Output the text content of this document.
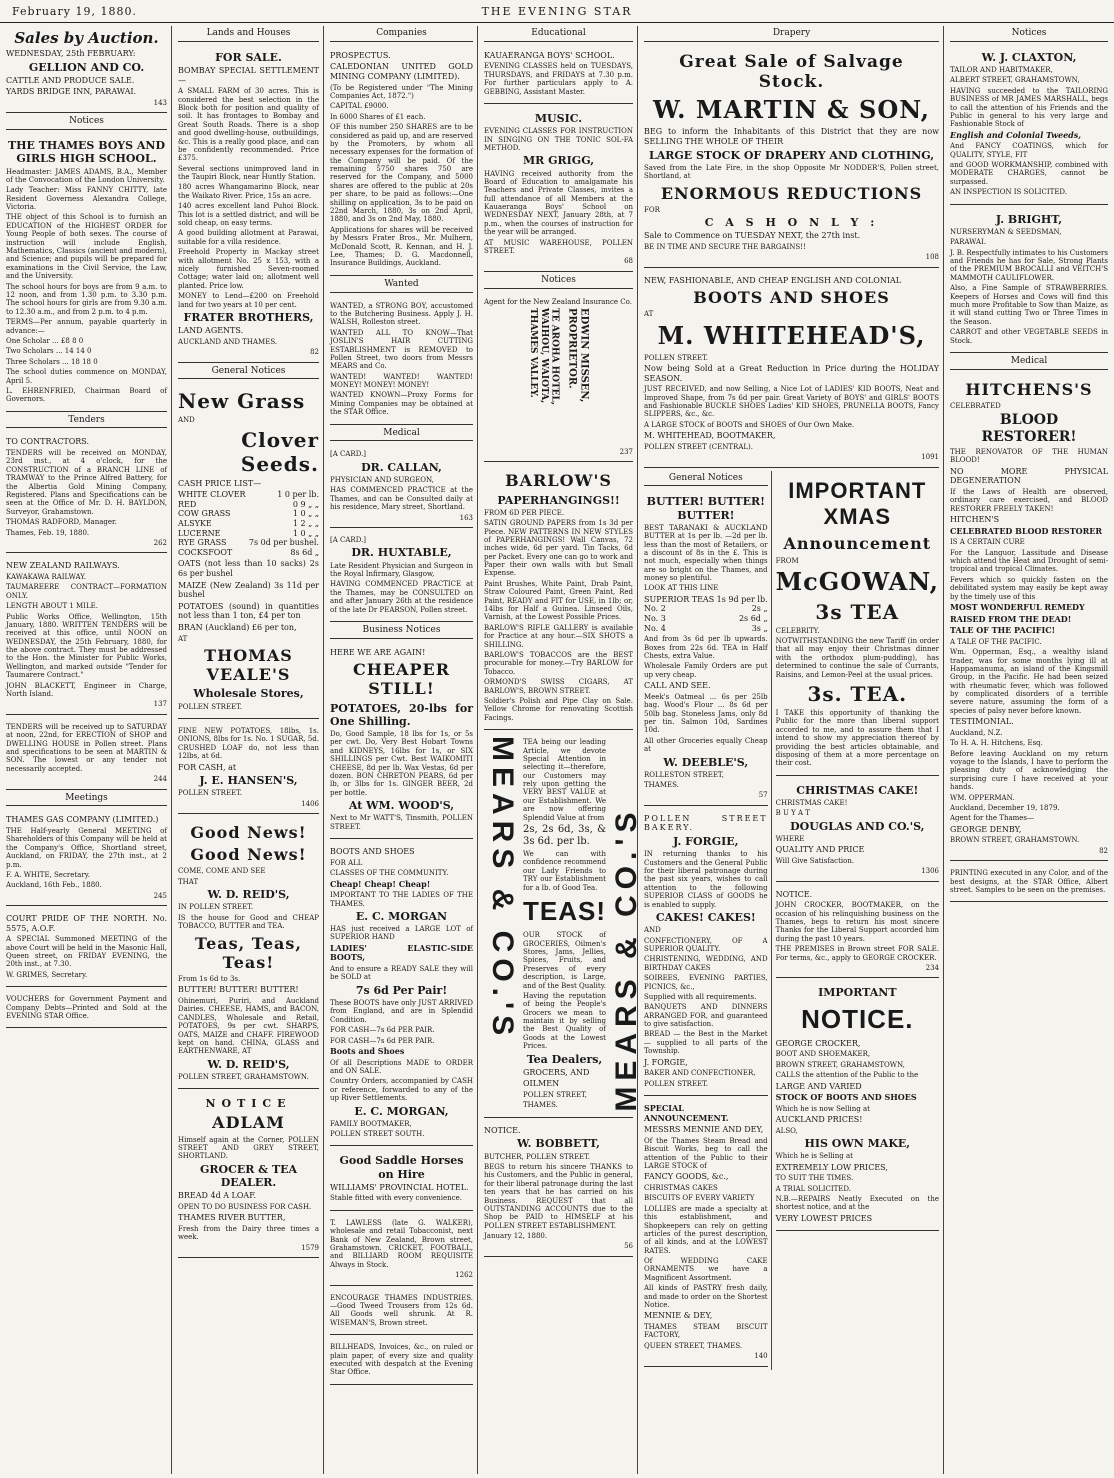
February 19, 1880.	THE EVENING STAR
Sales by Auction.

WEDNESDAY, 25th FEBRUARY:

GELLION AND CO.

CATTLE AND PRODUCE SALE.

YARDS BRIDGE INN, PARAWAI.

143
Notices
THE THAMES BOYS AND GIRLS HIGH SCHOOL.

Headmaster: JAMES ADAMS, B.A., Member of the Convocation of the London University.

Lady Teacher: Miss FANNY CHITTY, late Resident Governess Alexandra College, Victoria.

THE object of this School is to furnish an EDUCATION of the HIGHEST ORDER for Young People of both sexes. The course of instruction will include English, Mathematics, Classics (ancient and modern), and Science; and pupils will be prepared for examinations in the Civil Service, the Law, and the University.

The school hours for boys are from 9 a.m. to 12 noon, and from 1.30 p.m. to 3.30 p.m. The school hours for girls are from 9.30 a.m. to 12.30 a.m., and from 2 p.m. to 4 p.m.

TERMS—Per annum, payable quarterly in advance:—

One Scholar ... £8 8 0

Two Scholars ... 14 14 0

Three Scholars ... 18 18 0

The school duties commence on MONDAY, April 5.

L. EHRENFRIED, Chairman Board of Governors.

Tenders

TO CONTRACTORS.

TENDERS will be received on MONDAY, 23rd inst., at 4 o'clock, for the CONSTRUCTION of a BRANCH LINE of TRAMWAY to the Prince Alfred Battery, for the Albertia Gold Mining Company, Registered. Plans and Specifications can be seen at the Office of Mr. D. H. BAYLDON, Surveyor, Grahamstown.

THOMAS RADFORD, Manager.

Thames, Feb. 19, 1880.

262

NEW ZEALAND RAILWAYS.

KAWAKAWA RAILWAY.

TAUMAREERE CONTRACT—FORMATION ONLY.

LENGTH ABOUT 1 MILE.

Public Works Office, Wellington, 15th January, 1880. WRITTEN TENDERS will be received at this office, until NOON on WEDNESDAY, the 25th February, 1880, for the above contract. They must be addressed to the Hon. the Minister for Public Works, Wellington, and marked outside "Tender for Taumarere Contract."

JOHN BLACKETT, Engineer in Charge, North Island.

137

TENDERS will be received up to SATURDAY at noon, 22nd, for ERECTION of SHOP and DWELLING HOUSE in Pollen street. Plans and specifications to be seen at MARTIN & SON. The lowest or any tender not necessarily accepted.

244
Meetings

THAMES GAS COMPANY (LIMITED.)

THE Half-yearly General MEETING of Shareholders of this Company will be held at the Company's Office, Shortland street, Auckland, on FRIDAY, the 27th inst., at 2 p.m.

F. A. WHITE, Secretary.

Auckland, 16th Feb., 1880.

245

COURT PRIDE OF THE NORTH. No. 5575, A.O.F.

A SPECIAL Summoned MEETING of the above Court will be held in the Masonic Hall, Queen street, on FRIDAY EVENING, the 20th inst., at 7.30.

W. GRIMES, Secretary.

VOUCHERS for Government Payment and Company Debts—Printed and Sold at the EVENING STAR Office.

Lands and Houses
FOR SALE.

BOMBAY SPECIAL SETTLEMENT—

A SMALL FARM of 30 acres. This is considered the best selection in the Block both for position and quality of soil. It has frontages to Bombay and Great South Roads. There is a shop and good dwelling-house, outbuildings, &c. This is a really good place, and can be confidently recommended. Price £375.

Several sections unimproved land in the Taupiri Block, near Huntly Station.

180 acres Whangamarino Block, near the Waikato River. Price, 15s an acre.

140 acres excellent land Puhoi Block. This lot is a settled district, and will be sold cheap, on easy terms.

A good building allotment at Parawai, suitable for a villa residence.

Freehold Property in Mackay street with allotment No. 25 x 153, with a nicely furnished Seven-roomed Cottage; water laid on; allotment well planted. Price low.

MONEY to Lend—£200 on Freehold land for two years at 10 per cent.

FRATER BROTHERS,

LAND AGENTS.

AUCKLAND AND THAMES.

82
General Notices
New Grass

AND

Clover Seeds.

CASH PRICE LIST—

WHITE CLOVER	1 0 per lb.
RED	0 9 „ „
COW GRASS	1 0 „ „
ALSYKE	1 2 „ „
LUCERNE	1 0 „ „
RYE GRASS	7s 0d per bushel.
COCKSFOOT	8s 6d „

OATS (not less than 10 sacks) 2s 6s per bushel

MAIZE (New Zealand) 3s 11d per bushel

POTATOES (sound) in quantities not less than 1 ton, £4 per ton

BRAN (Auckland) £6 per ton,

AT

THOMAS VEALE'S
Wholesale Stores,

POLLEN STREET.

FINE NEW POTATOES, 18lbs, 1s. ONIONS, 8lbs for 1s. No. 1 SUGAR, 5d. CRUSHED LOAF do, not less than 12lbs, at 6d.

FOR CASH, at

J. E. HANSEN'S,

POLLEN STREET.

1406
Good News!
Good News!

COME, COME AND SEE

THAT

W. D. REID'S,

IN POLLEN STREET.

IS the house for Good and CHEAP TOBACCO, BUTTER and TEA.

Teas, Teas, Teas!

From 1s 6d to 3s.

BUTTER! BUTTER! BUTTER!

Ohinemuri, Puriri, and Auckland Dairies. CHEESE, HAMS, and BACON, CANDLES, Wholesale and Retail, POTATOES, 9s per cwt. SHARPS, OATS, MAIZE and CHAFF. FIREWOOD kept on hand. CHINA, GLASS and EARTHENWARE, AT

W. D. REID'S,

POLLEN STREET, GRAHAMSTOWN.

NOTICE
ADLAM

Himself again at the Corner, POLLEN STREET AND GREY STREET, SHORTLAND.

GROCER & TEA DEALER.

BREAD 4d A LOAF.

OPEN TO DO BUSINESS FOR CASH.

THAMES RIVER BUTTER,

Fresh from the Dairy three times a week.

1579
Companies

PROSPECTUS.

CALEDONIAN UNITED GOLD MINING COMPANY (LIMITED).

(To be Registered under "The Mining Companies Act, 1872.")

CAPITAL £9000.

In 6000 Shares of £1 each.

OF this number 250 SHARES are to be considered as paid up, and are reserved by the Promoters, by whom all necessary expenses for the formation of the Company will be paid. Of the remaining 5750 shares 750 are reserved for the Company, and 5000 shares are offered to the public at 20s per share, to be paid as follows:—One shilling on application, 3s to be paid on 22nd March, 1880, 3s on 2nd April, 1880, and 3s on 2nd May, 1880.

Applications for shares will be received by Messrs Frater Bros., Mr. Mulhern, McDonald Scott, R. Kennan, and H. J. Lee, Thames; D. G. Macdonnell, Insurance Buildings, Auckland.

Wanted

WANTED, a STRONG BOY, accustomed to the Butchering Business. Apply J. H. WALSH, Rolleston street.

WANTED ALL TO KNOW—That JOSLIN'S HAIR CUTTING ESTABLISHMENT is REMOVED to Pollen Street, two doors from Messrs MEARS and Co.

WANTED! WANTED! WANTED! MONEY! MONEY! MONEY!

WANTED KNOWN—Proxy Forms for Mining Companies may be obtained at the STAR Office.

Medical

[A CARD.]

DR. CALLAN,

PHYSICIAN AND SURGEON,

HAS COMMENCED PRACTICE at the Thames, and can be Consulted daily at his residence, Mary street, Shortland.

163

[A CARD.]

DR. HUXTABLE,

Late Resident Physician and Surgeon in the Royal Infirmary, Glasgow,

HAVING COMMENCED PRACTICE at the Thames, may be CONSULTED on and after January 26th at the residence of the late Dr PEARSON, Pollen street.

Business Notices

HERE WE ARE AGAIN!

CHEAPER STILL!

POTATOES, 20-lbs for One Shilling.

Do, Good Sample, 18 lbs for 1s, or 5s per cwt. Do, Very Best Hobart Towns and KIDNEYS, 16lbs for 1s, or SIX SHILLINGS per Cwt. Best WAIKOMITI CHEESE, 8d per lb. Wax Vestas, 6d per dozen. BON CHRETON PEARS, 6d per lb, or 3lbs for 1s. GINGER BEER, 2d per bottle.

At WM. WOOD'S,

Next to Mr WATT'S, Tinsmith, POLLEN STREET.

BOOTS AND SHOES

FOR ALL

CLASSES OF THE COMMUNITY.

Cheap! Cheap! Cheap!

IMPORTANT TO THE LADIES OF THE THAMES.

E. C. MORGAN

HAS just received a LARGE LOT of SUPERIOR HAND

LADIES' ELASTIC-SIDE BOOTS,

And to ensure a READY SALE they will be SOLD at

7s 6d Per Pair!

These BOOTS have only JUST ARRIVED from England, and are in Splendid Condition.

FOR CASH—7s 6d PER PAIR.

FOR CASH—7s 6d PER PAIR.

Boots and Shoes

Of all Descriptions MADE to ORDER and ON SALE.

Country Orders, accompanied by CASH or reference, forwarded to any of the up River Settlements.

E. C. MORGAN,

FAMILY BOOTMAKER,

POLLEN STREET SOUTH.

Good Saddle Horses on Hire

WILLIAMS' PROVINCIAL HOTEL.

Stable fitted with every convenience.

T. LAWLESS (late G. WALKER), wholesale and retail Tobacconist, next Bank of New Zealand, Brown street, Grahamstown. CRICKET, FOOTBALL, and BILLIARD ROOM REQUISITE Always in Stock.

1262

ENCOURAGE THAMES INDUSTRIES.—Good Tweed Trousers from 12s 6d. All Goods well shrunk. At R. WISEMAN'S, Brown street.

BILLHEADS, Invoices, &c., on ruled or plain paper, of every size and quality executed with despatch at the Evening Star Office.

Educational

KAUAERANGA BOYS' SCHOOL.

EVENING CLASSES held on TUESDAYS, THURSDAYS, and FRIDAYS at 7.30 p.m. For further particulars apply to A. GEBBING, Assistant Master.

MUSIC.

EVENING CLASSES FOR INSTRUCTION IN SINGING ON THE TONIC SOL-FA METHOD.

MR GRIGG,

HAVING received authority from the Board of Education to amalgamate his Teachers and Private Classes, invites a full attendance of all Members at the Kauaeranga Boys' School on WEDNESDAY NEXT, January 28th, at 7 p.m., when the courses of instruction for the year will be arranged.

AT MUSIC WAREHOUSE, POLLEN STREET.

68
Notices

Agent for the New Zealand Insurance Co.

TE AROHA HOTEL, WAIHOU, WAIOTA, THAMES VALLEY.	EDWIN MISSEN, PROPRIETOR.
237
BARLOW'S
PAPERHANGINGS!!

FROM 6D PER PIECE.

SATIN GROUND PAPERS from 1s 3d per Piece. NEW PATTERNS IN NEW STYLES of PAPERHANGINGS! Wall Canvas, 72 inches wide, 6d per yard. Tin Tacks, 6d per Packet. Every one can go to work and Paper their own walls with but Small Expense.

Paint Brushes, White Paint, Drab Paint, Straw Coloured Paint, Green Paint, Red Paint, READY and FIT for USE, in 1lb; or, 14lbs for Half a Guinea. Linseed Oils, Varnish, at the Lowest Possible Prices.

BARLOW'S RIFLE GALLERY is available for Practice at any hour.—SIX SHOTS a SHILLING.

BARLOW'S TOBACCOS are the BEST procurable for money.—Try BARLOW for Tobacco.

ORMOND'S SWISS CIGARS, AT BARLOW'S, BROWN STREET.

Soldier's Polish and Pipe Clay on Sale. Yellow Chrome for renovating Scottish Facings.

MEARS & CO.'S TEA being our leading Article, we devote Special Attention in selecting it—therefore, our Customers may rely upon getting the VERY BEST VALUE at our Establishment. We are now offering Splendid Value at from

2s, 2s 6d, 3s, & 3s 6d. per lb.

We can with confidence recommend our Lady Friends to TRY our Establishment for a lb. of Good Tea.

TEAS!

OUR STOCK of GROCERIES, Oilmen's Stores, Jams, Jellies, Spices, Fruits, and Preserves of every description, is Large, and of the Best Quality.

Having the reputation of being the People's Grocers we mean to maintain it by selling the Best Quality of Goods at the Lowest Prices.

Tea Dealers,

GROCERS, AND

OILMEN

POLLEN STREET,

THAMES.	MEARS & CO.'S

NOTICE.

W. BOBBETT,

BUTCHER, POLLEN STREET.

BEGS to return his sincere THANKS to his Customers, and the Public in general, for their liberal patronage during the last ten years that he has carried on his Business. REQUEST that all OUTSTANDING ACCOUNTS due to the Shop be PAID to HIMSELF at his POLLEN STREET ESTABLISHMENT.

January 12, 1880.

56
Drapery
Great Sale of Salvage Stock.
W. MARTIN & SON,

BEG to inform the Inhabitants of this District that they are now SELLING THE WHOLE OF THEIR

LARGE STOCK OF DRAPERY AND CLOTHING,

Saved from the Late Fire, in the shop Opposite Mr NODDER'S, Pollen street, Shortland, at

ENORMOUS REDUCTIONS

FOR

C A S H O N L Y :

Sale to Commence on TUESDAY NEXT, the 27th inst.

BE IN TIME AND SECURE THE BARGAINS!!

108

NEW, FASHIONABLE, AND CHEAP ENGLISH AND COLONIAL

BOOTS AND SHOES

AT

M. WHITEHEAD'S,

POLLEN STREET.

Now being Sold at a Great Reduction in Price during the HOLIDAY SEASON.

JUST RECEIVED, and now Selling, a Nice Lot of LADIES' KID BOOTS, Neat and Improved Shape, from 7s 6d per pair. Great Variety of BOYS' and GIRLS' BOOTS and Fashionable BUCKLE SHOES Ladies' KID SHOES, PRUNELLA BOOTS, Fancy SLIPPERS, &c., &c.

A LARGE STOCK of BOOTS and SHOES of Our Own Make.

M. WHITEHEAD, BOOTMAKER,

POLLEN STREET (CENTRAL).

1091
General Notices
BUTTER! BUTTER! BUTTER!

BEST TARANAKI & AUCKLAND BUTTER at 1s per lb. —2d per lb. less than the most of Retailers, or a discount of 8s in the £. This is not much, especially when things are so bright on the Thames, and money so plentiful.

LOOK AT THIS LINE

SUPERIOR TEAS 1s 9d per lb.
No. 2	2s „
No. 3	2s 6d „
No. 4	3s „

And from 3s 6d per lb upwards. Boxes from 22s 6d. TEA in Half Chests, extra Value.

Wholesale Family Orders are put up very cheap.

CALL AND SEE.

Meek's Oatmeal ... 6s per 25lb bag. Wood's Flour ... 8s 6d per 50lb bag. Stoneless Jams, only 8d per tin. Salmon 10d, Sardines 10d.

All other Groceries equally Cheap at

W. DEEBLE'S,

ROLLESTON STREET,

THAMES.

57

POLLEN STREET BAKERY.

J. FORGIE,

IN returning thanks to his Customers and the General Public for their liberal patronage during the past six years, wishes to call attention to the following SUPERIOR CLASS of GOODS he is enabled to supply.

CAKES! CAKES!

AND

CONFECTIONERY, OF A SUPERIOR QUALITY.

CHRISTENING, WEDDING, AND BIRTHDAY CAKES

SOIREES, EVENING PARTIES, PICNICS, &c.,

Supplied with all requirements.

BANQUETS AND DINNERS ARRANGED FOR, and guaranteed to give satisfaction.

BREAD — the Best in the Market — supplied to all parts of the Township.

J. FORGIE,

BAKER AND CONFECTIONER,

POLLEN STREET.

SPECIAL ANNOUNCEMENT.

MESSRS MENNIE AND DEY,

Of the Thames Steam Bread and Biscuit Works, beg to call the attention of the Public to their LARGE STOCK of

FANCY GOODS, &c.,

CHRISTMAS CAKES

BISCUITS OF EVERY VARIETY

LOLLIES are made a specialty at this establishment, and Shopkeepers can rely on getting articles of the purest description, of all kinds, and at the LOWEST RATES.

Of WEDDING CAKE ORNAMENTS we have a Magnificent Assortment.

All kinds of PASTRY fresh daily, and made to order on the Shortest Notice.

MENNIE & DEY,

THAMES STEAM BISCUIT FACTORY,

QUEEN STREET, THAMES.

140
IMPORTANT XMAS
Announcement

FROM

McGOWAN,
3s TEA

CELEBRITY.

NOTWITHSTANDING the new Tariff (in order that all may enjoy their Christmas dinner with the orthodox plum-pudding), has determined to continue the sale of Currants, Raisins, and Lemon-Peel at the usual prices.

3s. TEA.

I TAKE this opportunity of thanking the Public for the more than liberal support accorded to me, and to assure them that I intend to show my appreciation thereof by providing the best articles obtainable, and disposing of them at a more percentage on their cost.

CHRISTMAS CAKE!

CHRISTMAS CAKE!

B U Y A T

DOUGLAS AND CO.'S,

WHERE

QUALITY AND PRICE

Will Give Satisfaction.

1306

NOTICE.

JOHN CROCKER, BOOTMAKER, on the occasion of his relinquishing business on the Thames, begs to return his most sincere Thanks for the Liberal Support accorded him during the past 10 years.

THE PREMISES in Brown street FOR SALE. For terms, &c., apply to GEORGE CROCKER.

234
IMPORTANT
NOTICE.

GEORGE CROCKER,

BOOT AND SHOEMAKER,

BROWN STREET, GRAHAMSTOWN,

CALLS the attention of the Public to the

LARGE AND VARIED

STOCK OF BOOTS AND SHOES

Which he is now Selling at

AUCKLAND PRICES!

ALSO,

HIS OWN MAKE,

Which he is Selling at

EXTREMELY LOW PRICES,

TO SUIT THE TIMES.

A TRIAL SOLICITED.

N.B.—REPAIRS Neatly Executed on the shortest notice, and at the

VERY LOWEST PRICES

Notices
W. J. CLAXTON,

TAILOR AND HABITMAKER,

ALBERT STREET, GRAHAMSTOWN,

HAVING succeeded to the TAILORING BUSINESS of MR JAMES MARSHALL, begs to call the attention of his Friends and the Public in general to his very large and Fashionable Stock of

English and Colonial Tweeds,

And FANCY COATINGS, which for QUALITY, STYLE, FIT

and GOOD WORKMANSHIP, combined with MODERATE CHARGES, cannot be surpassed.

AN INSPECTION IS SOLICITED.

J. BRIGHT,

NURSERYMAN & SEEDSMAN,

PARAWAI.

J. B. Respectfully intimates to his Customers and Friends he has for Sale, Strong Plants of the PREMIUM BROCALLI and VEITCH'S MAMMOTH CAULIFLOWER.

Also, a Fine Sample of STRAWBERRIES. Keepers of Horses and Cows will find this much more Profitable to Sow than Maize, as it will stand cutting Two or Three Times in the Season.

CARROT and other VEGETABLE SEEDS in Stock.

Medical
HITCHENS'S

CELEBRATED

BLOOD RESTORER!

THE RENOVATOR OF THE HUMAN BLOOD!

NO MORE PHYSICAL DEGENERATION

If the Laws of Health are observed, ordinary care exercised, and BLOOD RESTORER FREELY TAKEN!

HITCHEN'S

CELEBRATED BLOOD RESTORER

IS A CERTAIN CURE

For the Languor, Lassitude and Disease which attend the Heat and Drought of semi-tropical and tropical Climates.

Fevers which so quickly fasten on the debilitated system may easily be kept away by the timely use of this

MOST WONDERFUL REMEDY

RAISED FROM THE DEAD!

TALE OF THE PACIFIC!

A TALE OF THE PACIFIC.

Wm. Opperman, Esq., a wealthy island trader, was for some months lying ill at Happamanuma, an island of the Kingsmill Group, in the Pacific. He had been seized with rheumatic fever, which was followed by complicated disorders of a terrible severe nature, assuming the form of a species of palsy never before known.

TESTIMONIAL.

Auckland, N.Z.

To H. A. H. Hitchens, Esq.

Before leaving Auckland on my return voyage to the Islands, I have to perform the pleasing duty of acknowledging the surprising cure I have received at your hands.

WM. OPPERMAN.

Auckland, December 19, 1879.

Agent for the Thames—

GEORGE DENBY,

BROWN STREET, GRAHAMSTOWN.

82

PRINTING executed in any Color, and of the best designs, at the STAR Office, Albert street. Samples to be seen on the premises.
